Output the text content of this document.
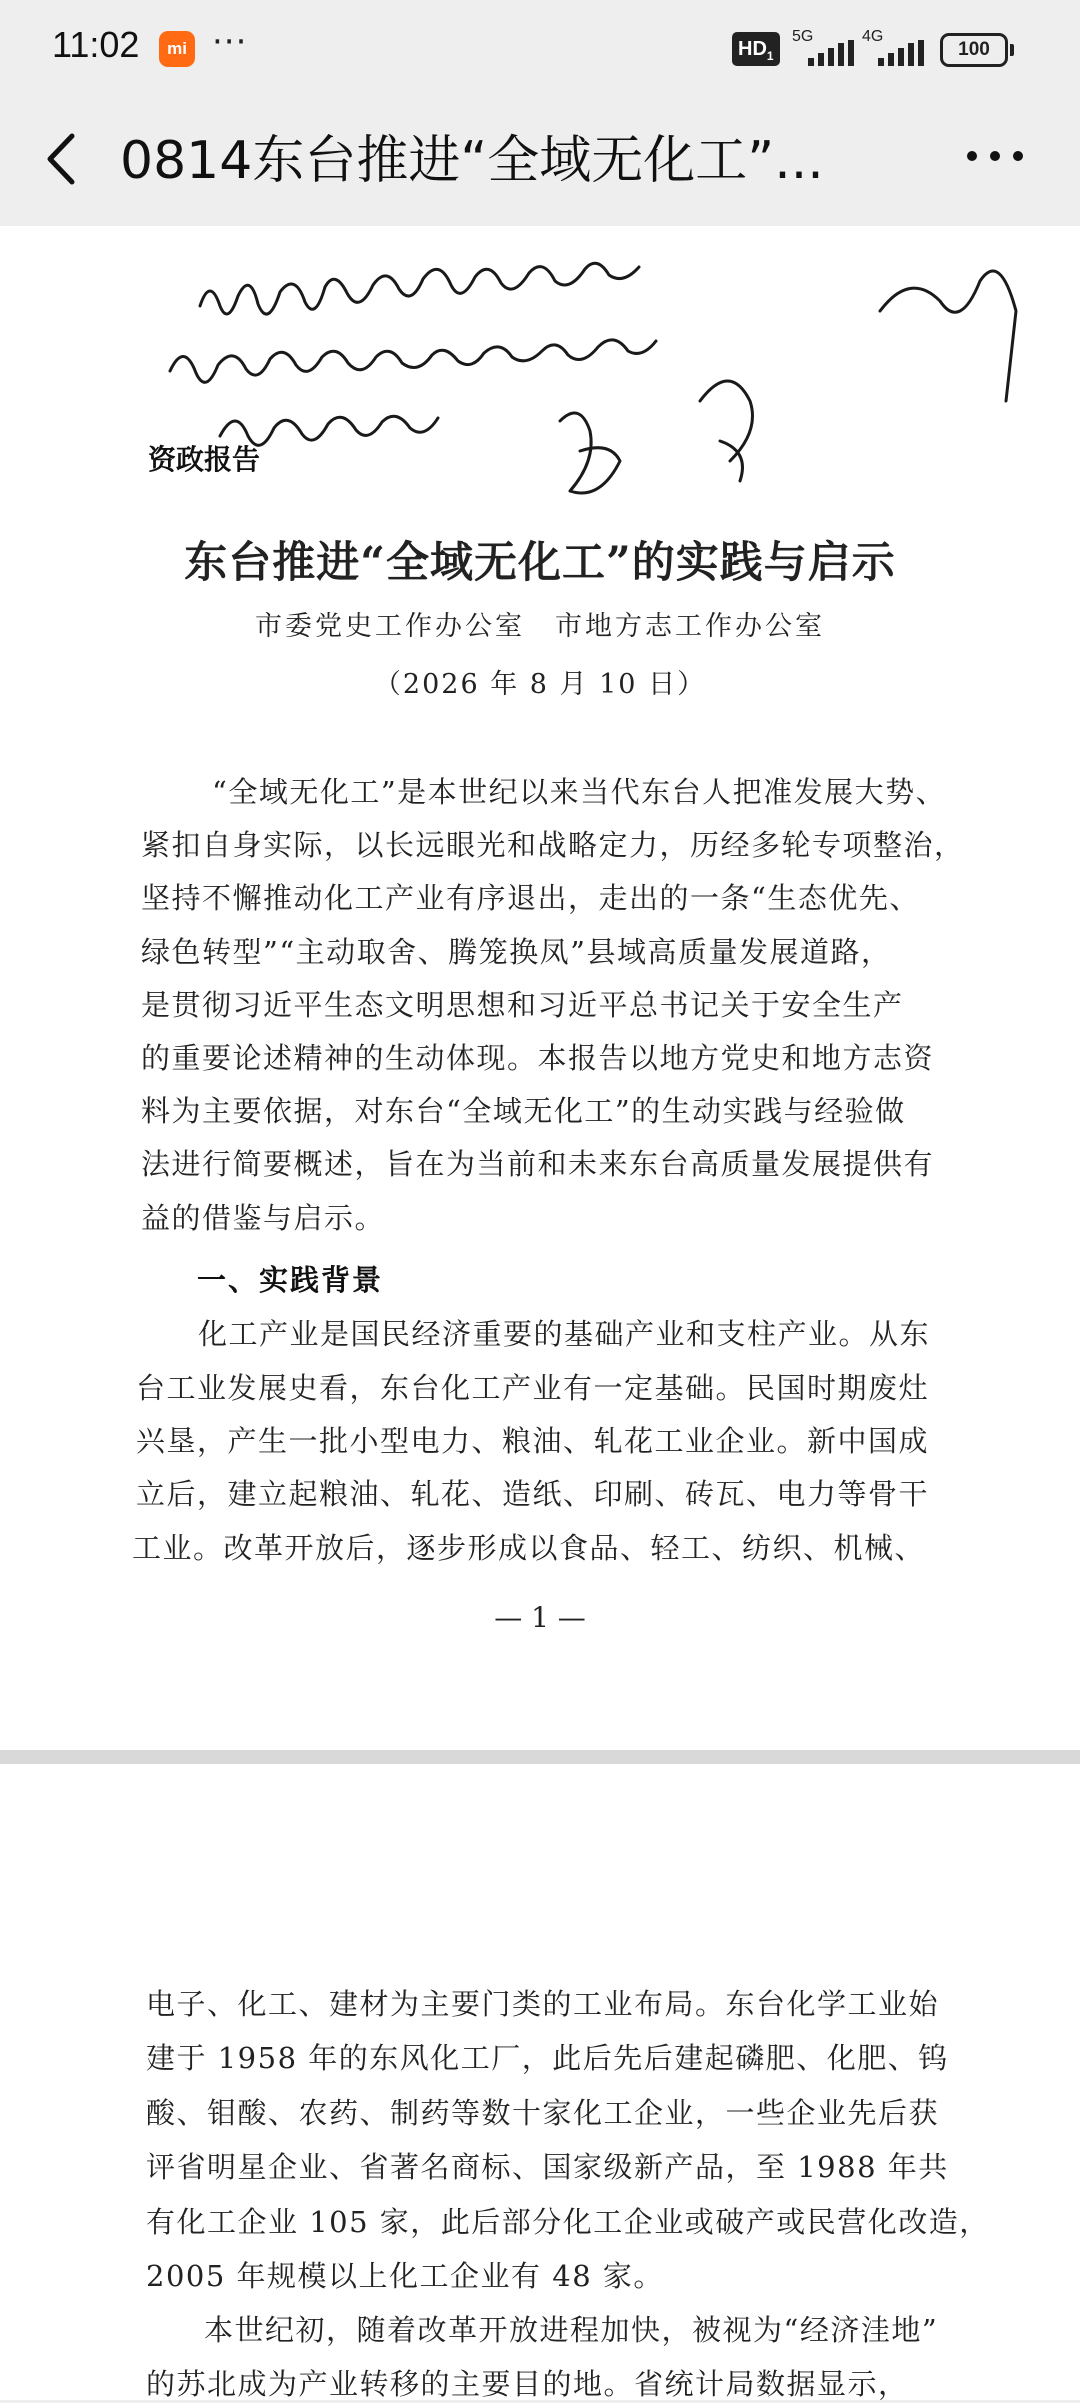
11:02	mi ···	$HD_1$
5G	4G
100
0814东台推进“全域无化工”...
资政报告
东台推进“全域无化工”的实践与启示
市委党史工作办公室　市地方志工作办公室
（2026 年 8 月 10 日）
“全域无化工”是本世纪以来当代东台人把准发展大势、
紧扣自身实际，以长远眼光和战略定力，历经多轮专项整治，
坚持不懈推动化工产业有序退出，走出的一条“生态优先、
绿色转型”“主动取舍、腾笼换凤”县域高质量发展道路，
是贯彻习近平生态文明思想和习近平总书记关于安全生产
的重要论述精神的生动体现。本报告以地方党史和地方志资
料为主要依据，对东台“全域无化工”的生动实践与经验做
法进行简要概述，旨在为当前和未来东台高质量发展提供有
益的借鉴与启示。
一、实践背景
化工产业是国民经济重要的基础产业和支柱产业。从东
台工业发展史看，东台化工产业有一定基础。民国时期废灶
兴垦，产生一批小型电力、粮油、轧花工业企业。新中国成
立后，建立起粮油、轧花、造纸、印刷、砖瓦、电力等骨干
工业。改革开放后，逐步形成以食品、轻工、纺织、机械、
— 1 —
电子、化工、建材为主要门类的工业布局。东台化学工业始
建于 1958 年的东风化工厂，此后先后建起磷肥、化肥、钨
酸、钼酸、农药、制药等数十家化工企业，一些企业先后获
评省明星企业、省著名商标、国家级新产品，至 1988 年共
有化工企业 105 家，此后部分化工企业或破产或民营化改造，
2005 年规模以上化工企业有 48 家。
本世纪初，随着改革开放进程加快，被视为“经济洼地”
的苏北成为产业转移的主要目的地。省统计局数据显示，
